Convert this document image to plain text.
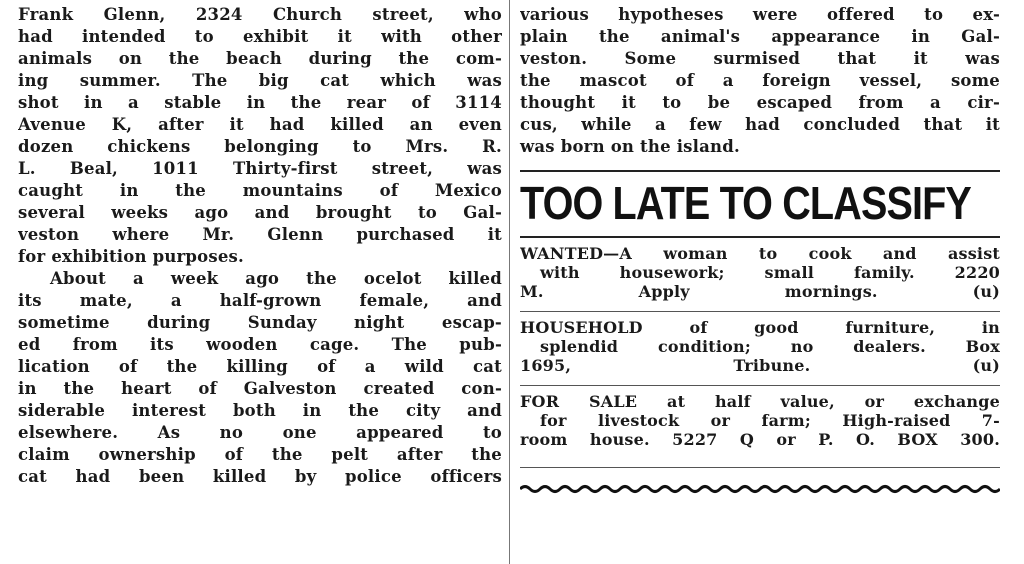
Frank Glenn, 2324 Church street, who
had intended to exhibit it with other
animals on the beach during the com-
ing summer. The big cat which was
shot in a stable in the rear of 3114
Avenue K, after it had killed an even
dozen chickens belonging to Mrs. R.
L. Beal, 1011 Thirty-first street, was
caught in the mountains of Mexico
several weeks ago and brought to Gal-
veston where Mr. Glenn purchased it
for exhibition purposes.
About a week ago the ocelot killed
its mate, a half-grown female, and
sometime during Sunday night escap-
ed from its wooden cage. The pub-
lication of the killing of a wild cat
in the heart of Galveston created con-
siderable interest both in the city and
elsewhere. As no one appeared to
claim ownership of the pelt after the
cat had been killed by police officers
various hypotheses were offered to ex-
plain the animal's appearance in Gal-
veston. Some surmised that it was
the mascot of a foreign vessel, some
thought it to be escaped from a cir-
cus, while a few had concluded that it
was born on the island.
TOO LATE TO CLASSIFY
WANTED—A woman to cook and assist
with housework; small family. 2220
M. Apply mornings. (u)
HOUSEHOLD of good furniture, in
splendid condition; no dealers. Box
1695, Tribune. (u)
FOR SALE at half value, or exchange
for livestock or farm; High-raised 7-
room house. 5227 Q or P. O. BOX 300.
